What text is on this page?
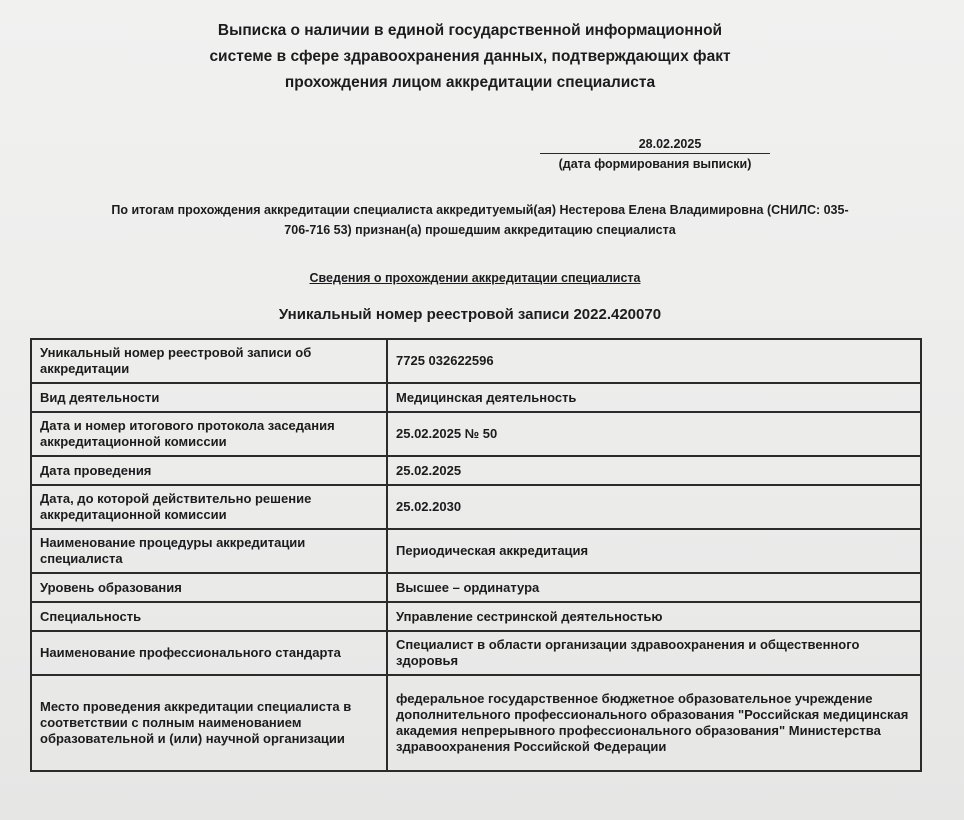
Выписка о наличии в единой государственной информационной
системе в сфере здравоохранения данных, подтверждающих факт
прохождения лицом аккредитации специалиста
28.02.2025
(дата формирования выписки)
По итогам прохождения аккредитации специалиста аккредитуемый(ая) Нестерова Елена Владимировна (СНИЛС: 035-
706-716 53) признан(а) прошедшим аккредитацию специалиста
Сведения о прохождении аккредитации специалиста
Уникальный номер реестровой записи 2022.420070
Уникальный номер реестровой записи об аккредитации	7725 032622596
Вид деятельности	Медицинская деятельность
Дата и номер итогового протокола заседания аккредитационной комиссии	25.02.2025 № 50
Дата проведения	25.02.2025
Дата, до которой действительно решение аккредитационной комиссии	25.02.2030
Наименование процедуры аккредитации специалиста	Периодическая аккредитация
Уровень образования	Высшее – ординатура
Специальность	Управление сестринской деятельностью
Наименование профессионального стандарта	Специалист в области организации здравоохранения и общественного здоровья
Место проведения аккредитации специалиста в соответствии с полным наименованием образовательной и (или) научной организации	федеральное государственное бюджетное образовательное учреждение дополнительного профессионального образования "Российская медицинская академия непрерывного профессионального образования" Министерства здравоохранения Российской Федерации
